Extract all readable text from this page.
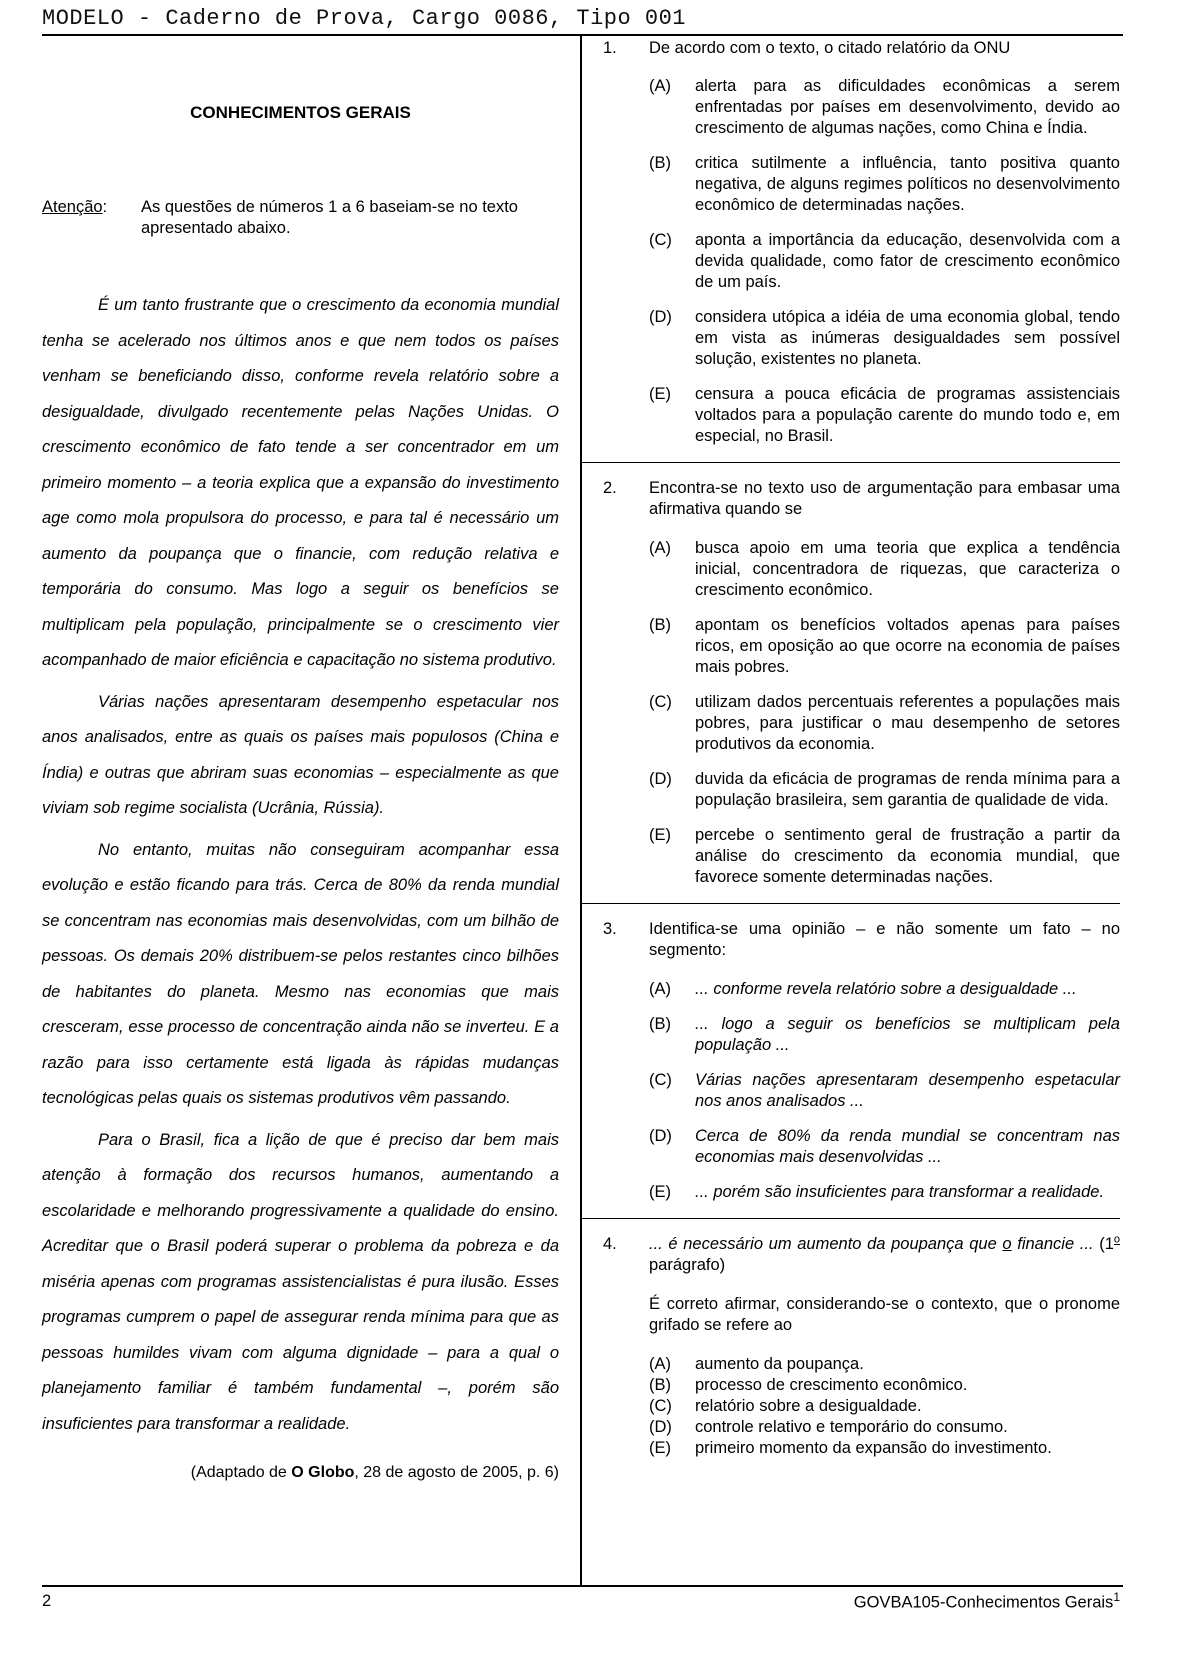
MODELO - Caderno de Prova, Cargo 0086, Tipo 001
CONHECIMENTOS GERAIS
Atenção:	As questões de números 1 a 6 baseiam-se no texto apresentado abaixo.

É um tanto frustrante que o crescimento da economia mundial tenha se acelerado nos últimos anos e que nem todos os países venham se beneficiando disso, conforme revela relatório sobre a desigualdade, divulgado recentemente pelas Nações Unidas. O crescimento econômico de fato tende a ser concentrador em um primeiro momento – a teoria explica que a expansão do investimento age como mola propulsora do processo, e para tal é necessário um aumento da poupança que o financie, com redução relativa e temporária do consumo. Mas logo a seguir os benefícios se multiplicam pela população, principalmente se o crescimento vier acompanhado de maior eficiência e capacitação no sistema produtivo.

Várias nações apresentaram desempenho espetacular nos anos analisados, entre as quais os países mais populosos (China e Índia) e outras que abriram suas economias – especialmente as que viviam sob regime socialista (Ucrânia, Rússia).

No entanto, muitas não conseguiram acompanhar essa evolução e estão ficando para trás. Cerca de 80% da renda mundial se concentram nas economias mais desenvolvidas, com um bilhão de pessoas. Os demais 20% distribuem-se pelos restantes cinco bilhões de habitantes do planeta. Mesmo nas economias que mais cresceram, esse processo de concentração ainda não se inverteu. E a razão para isso certamente está ligada às rápidas mudanças tecnológicas pelas quais os sistemas produtivos vêm passando.

Para o Brasil, fica a lição de que é preciso dar bem mais atenção à formação dos recursos humanos, aumentando a escolaridade e melhorando progressivamente a qualidade do ensino. Acreditar que o Brasil poderá superar o problema da pobreza e da miséria apenas com programas assistencialistas é pura ilusão. Esses programas cumprem o papel de assegurar renda mínima para que as pessoas humildes vivam com alguma dignidade – para a qual o planejamento familiar é também fundamental –, porém são insuficientes para transformar a realidade.

(Adaptado de O Globo, 28 de agosto de 2005, p. 6)
1.	De acordo com o texto, o citado relatório da ONU
(A)	alerta para as dificuldades econômicas a serem enfrentadas por países em desenvolvimento, devido ao crescimento de algumas nações, como China e Índia.
(B)	critica sutilmente a influência, tanto positiva quanto negativa, de alguns regimes políticos no desenvolvimento econômico de determinadas nações.
(C)	aponta a importância da educação, desenvolvida com a devida qualidade, como fator de crescimento econômico de um país.
(D)	considera utópica a idéia de uma economia global, tendo em vista as inúmeras desigualdades sem possível solução, existentes no planeta.
(E)	censura a pouca eficácia de programas assistenciais voltados para a população carente do mundo todo e, em especial, no Brasil.
2.	Encontra-se no texto uso de argumentação para embasar uma afirmativa quando se
(A)	busca apoio em uma teoria que explica a tendência inicial, concentradora de riquezas, que caracteriza o crescimento econômico.
(B)	apontam os benefícios voltados apenas para países ricos, em oposição ao que ocorre na economia de países mais pobres.
(C)	utilizam dados percentuais referentes a populações mais pobres, para justificar o mau desempenho de setores produtivos da economia.
(D)	duvida da eficácia de programas de renda mínima para a população brasileira, sem garantia de qualidade de vida.
(E)	percebe o sentimento geral de frustração a partir da análise do crescimento da economia mundial, que favorece somente determinadas nações.
3.	Identifica-se uma opinião – e não somente um fato – no segmento:
(A)	... conforme revela relatório sobre a desigualdade ...
(B)	... logo a seguir os benefícios se multiplicam pela população ...
(C)	Várias nações apresentaram desempenho espetacular nos anos analisados ...
(D)	Cerca de 80% da renda mundial se concentram nas economias mais desenvolvidas ...
(E)	... porém são insuficientes para transformar a realidade.
4.	... é necessário um aumento da poupança que o financie ... (1$^o$ parágrafo)
É correto afirmar, considerando-se o contexto, que o pronome grifado se refere ao
(A)	aumento da poupança.
(B)	processo de crescimento econômico.
(C)	relatório sobre a desigualdade.
(D)	controle relativo e temporário do consumo.
(E)	primeiro momento da expansão do investimento.
2	GOVBA105-Conhecimentos Gerais$^1$
